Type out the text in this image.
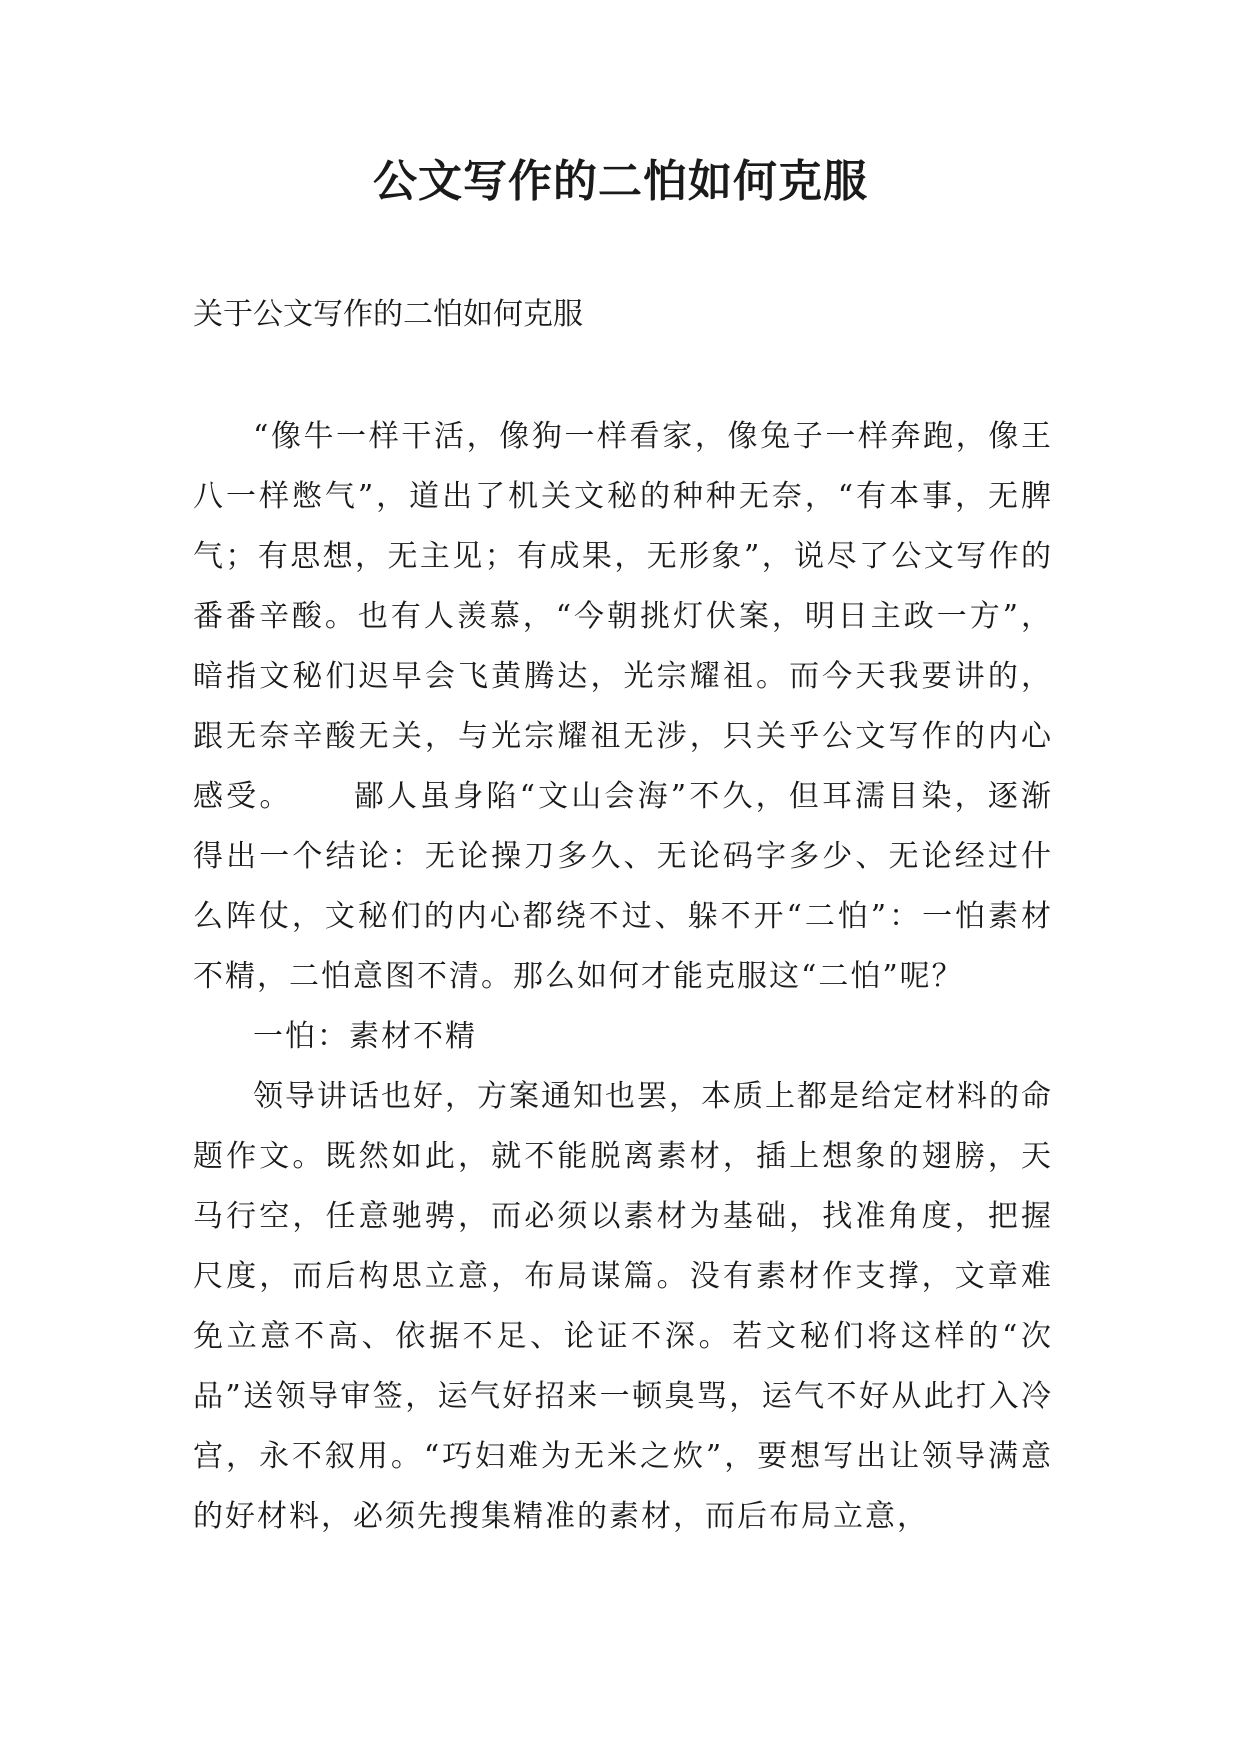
公文写作的二怕如何克服

关于公文写作的二怕如何克服

“像牛一样干活，像狗一样看家，像兔子一样奔跑，像王八一样憋气”，道出了机关文秘的种种无奈，“有本事，无脾气；有思想，无主见；有成果，无形象”，说尽了公文写作的番番辛酸。也有人羡慕，“今朝挑灯伏案，明日主政一方”，暗指文秘们迟早会飞黄腾达，光宗耀祖。而今天我要讲的，跟无奈辛酸无关，与光宗耀祖无涉，只关乎公文写作的内心感受。 鄙人虽身陷“文山会海”不久，但耳濡目染，逐渐得出一个结论：无论操刀多久、无论码字多少、无论经过什么阵仗，文秘们的内心都绕不过、躲不开“二怕”：一怕素材不精，二怕意图不清。那么如何才能克服这“二怕”呢？

一怕：素材不精

领导讲话也好，方案通知也罢，本质上都是给定材料的命题作文。既然如此，就不能脱离素材，插上想象的翅膀，天马行空，任意驰骋，而必须以素材为基础，找准角度，把握尺度，而后构思立意，布局谋篇。没有素材作支撑，文章难免立意不高、依据不足、论证不深。若文秘们将这样的“次品”送领导审签，运气好招来一顿臭骂，运气不好从此打入冷宫，永不叙用。“巧妇难为无米之炊”，要想写出让领导满意的好材料，必须先搜集精准的素材，而后布局立意，
